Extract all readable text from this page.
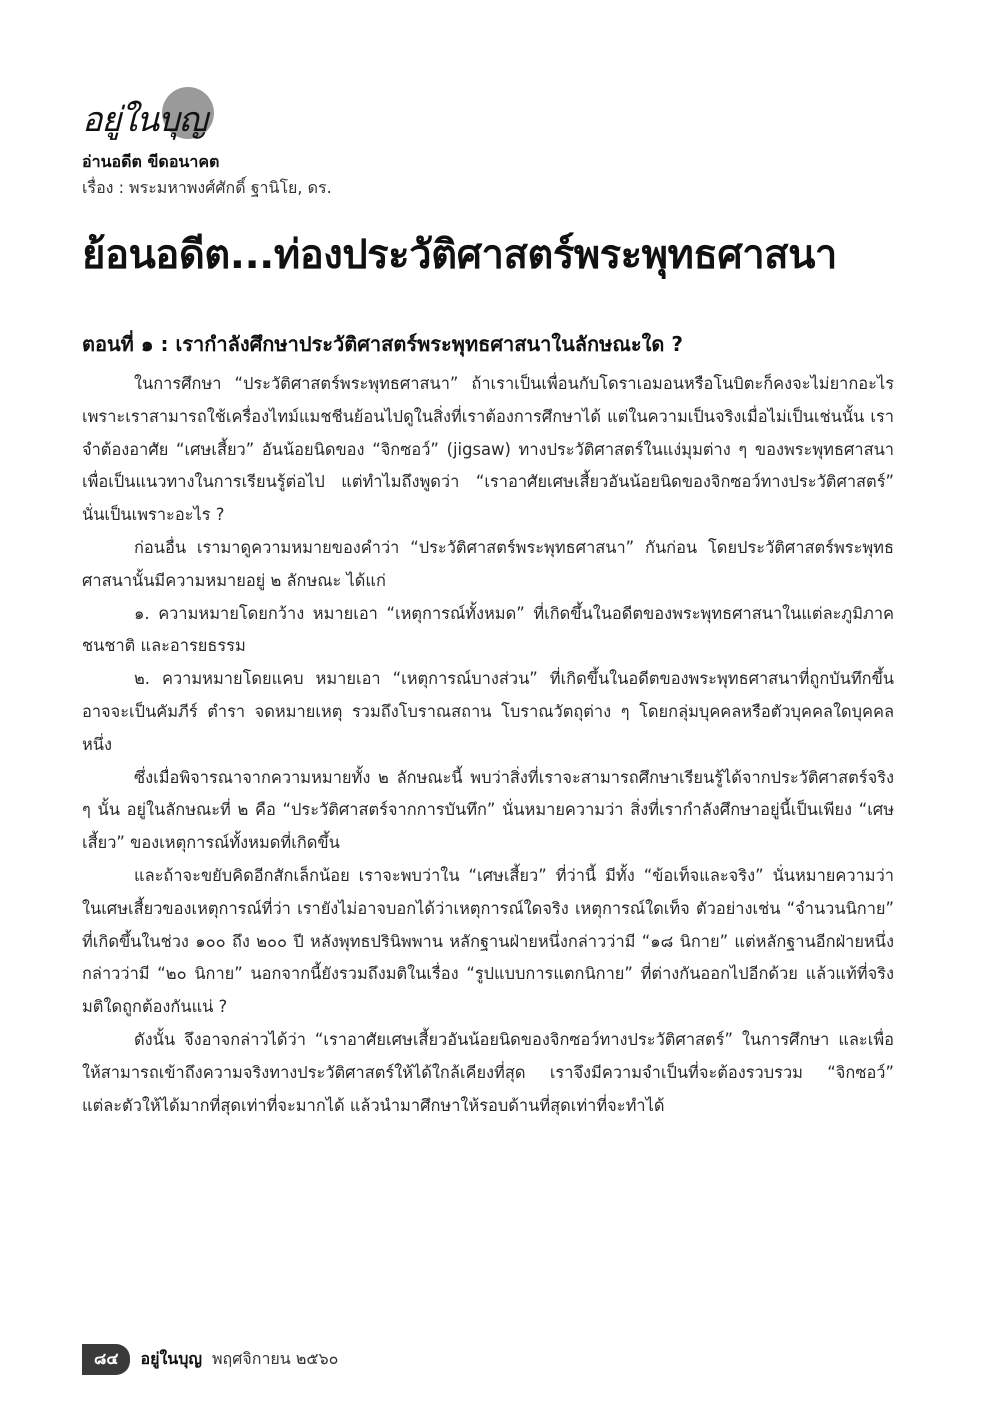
อยู่ในบุญ
อ่านอดีต ขีดอนาคต
เรื่อง : พระมหาพงศ์ศักดิ์ ฐานิโย, ดร.
ย้อนอดีต...ท่องประวัติศาสตร์พระพุทธศาสนา
ตอนที่ ๑ : เรากำลังศึกษาประวัติศาสตร์พระพุทธศาสนาในลักษณะใด ?

ในการศึกษา “ประวัติศาสตร์พระพุทธศาสนา” ถ้าเราเป็นเพื่อนกับโดราเอมอนหรือโนบิตะก็คงจะไม่ยากอะไร เพราะเราสามารถใช้เครื่องไทม์แมชชีนย้อนไปดูในสิ่งที่เราต้องการศึกษาได้ แต่ในความเป็นจริงเมื่อไม่เป็นเช่นนั้น เราจำต้องอาศัย “เศษเสี้ยว” อันน้อยนิดของ “จิกซอว์” (jigsaw) ทางประวัติศาสตร์ในแง่มุมต่าง ๆ ของพระพุทธศาสนา เพื่อเป็นแนวทางในการเรียนรู้ต่อไป แต่ทำไมถึงพูดว่า “เราอาศัยเศษเสี้ยวอันน้อยนิดของจิกซอว์ทางประวัติศาสตร์” นั่นเป็นเพราะอะไร ?

ก่อนอื่น เรามาดูความหมายของคำว่า “ประวัติศาสตร์พระพุทธศาสนา” กันก่อน โดยประวัติศาสตร์พระพุทธศาสนานั้นมีความหมายอยู่ ๒ ลักษณะ ได้แก่

๑. ความหมายโดยกว้าง หมายเอา “เหตุการณ์ทั้งหมด” ที่เกิดขึ้นในอดีตของพระพุทธศาสนาในแต่ละภูมิภาค ชนชาติ และอารยธรรม

๒. ความหมายโดยแคบ หมายเอา “เหตุการณ์บางส่วน” ที่เกิดขึ้นในอดีตของพระพุทธศาสนาที่ถูกบันทึกขึ้น อาจจะเป็นคัมภีร์ ตำรา จดหมายเหตุ รวมถึงโบราณสถาน โบราณวัตถุต่าง ๆ โดยกลุ่มบุคคลหรือตัวบุคคลใดบุคคลหนึ่ง

ซึ่งเมื่อพิจารณาจากความหมายทั้ง ๒ ลักษณะนี้ พบว่าสิ่งที่เราจะสามารถศึกษาเรียนรู้ได้จากประวัติศาสตร์จริง ๆ นั้น อยู่ในลักษณะที่ ๒ คือ “ประวัติศาสตร์จากการบันทึก” นั่นหมายความว่า สิ่งที่เรากำลังศึกษาอยู่นี้เป็นเพียง “เศษเสี้ยว” ของเหตุการณ์ทั้งหมดที่เกิดขึ้น

และถ้าจะขยับคิดอีกสักเล็กน้อย เราจะพบว่าใน “เศษเสี้ยว” ที่ว่านี้ มีทั้ง “ข้อเท็จและจริง” นั่นหมายความว่า ในเศษเสี้ยวของเหตุการณ์ที่ว่า เรายังไม่อาจบอกได้ว่าเหตุการณ์ใดจริง เหตุการณ์ใดเท็จ ตัวอย่างเช่น “จำนวนนิกาย” ที่เกิดขึ้นในช่วง ๑๐๐ ถึง ๒๐๐ ปี หลังพุทธปรินิพพาน หลักฐานฝ่ายหนึ่งกล่าวว่ามี “๑๘ นิกาย” แต่หลักฐานอีกฝ่ายหนึ่งกล่าวว่ามี “๒๐ นิกาย” นอกจากนี้ยังรวมถึงมติในเรื่อง “รูปแบบการแตกนิกาย” ที่ต่างกันออกไปอีกด้วย แล้วแท้ที่จริงมติใดถูกต้องกันแน่ ?

ดังนั้น จึงอาจกล่าวได้ว่า “เราอาศัยเศษเสี้ยวอันน้อยนิดของจิกซอว์ทางประวัติศาสตร์” ในการศึกษา และเพื่อให้สามารถเข้าถึงความจริงทางประวัติศาสตร์ให้ได้ใกล้เคียงที่สุด เราจึงมีความจำเป็นที่จะต้องรวบรวม “จิกซอว์” แต่ละตัวให้ได้มากที่สุดเท่าที่จะมากได้ แล้วนำมาศึกษาให้รอบด้านที่สุดเท่าที่จะทำได้

๘๔	อยู่ในบุญ พฤศจิกายน ๒๕๖๐
